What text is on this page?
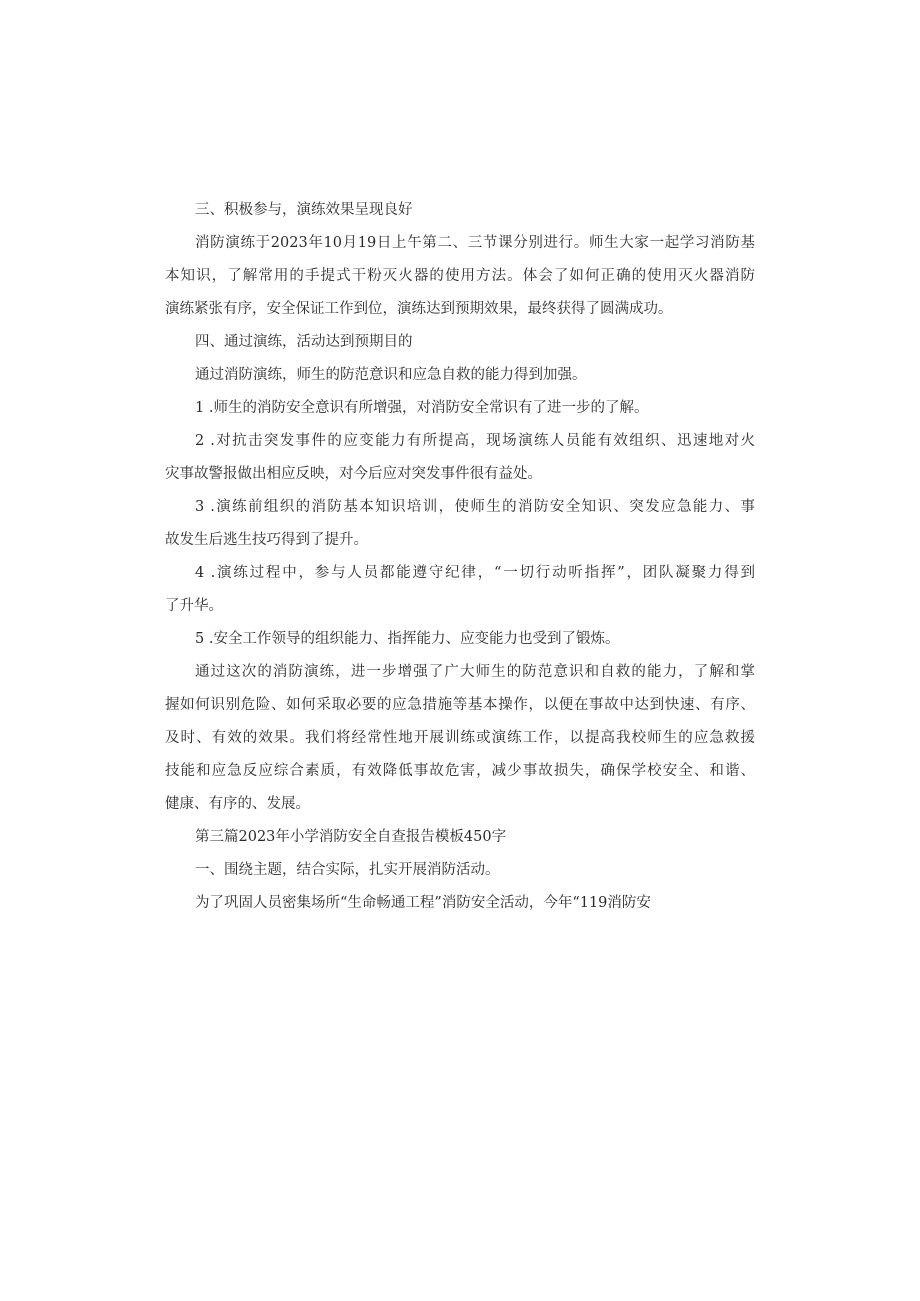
三、积极参与，演练效果呈现良好
消防演练于2023年10月19日上午第二、三节课分别进行。师生大家一起学习消防基
本知识，了解常用的手提式干粉灭火器的使用方法。体会了如何正确的使用灭火器消防
演练紧张有序，安全保证工作到位，演练达到预期效果，最终获得了圆满成功。
四、通过演练，活动达到预期目的
通过消防演练，师生的防范意识和应急自救的能力得到加强。
1 .师生的消防安全意识有所增强，对消防安全常识有了进一步的了解。
2 .对抗击突发事件的应变能力有所提高，现场演练人员能有效组织、迅速地对火
灾事故警报做出相应反映，对今后应对突发事件很有益处。
3 .演练前组织的消防基本知识培训，使师生的消防安全知识、突发应急能力、事
故发生后逃生技巧得到了提升。
4 .演练过程中，参与人员都能遵守纪律，“一切行动听指挥”，团队凝聚力得到
了升华。
5 .安全工作领导的组织能力、指挥能力、应变能力也受到了锻炼。
通过这次的消防演练，进一步增强了广大师生的防范意识和自救的能力，了解和掌
握如何识别危险、如何采取必要的应急措施等基本操作，以便在事故中达到快速、有序、
及时、有效的效果。我们将经常性地开展训练或演练工作，以提高我校师生的应急救援
技能和应急反应综合素质，有效降低事故危害，减少事故损失，确保学校安全、和谐、
健康、有序的、发展。
第三篇2023年小学消防安全自查报告模板450字
一、围绕主题，结合实际，扎实开展消防活动。
为了巩固人员密集场所“生命畅通工程”消防安全活动，今年“119消防安
